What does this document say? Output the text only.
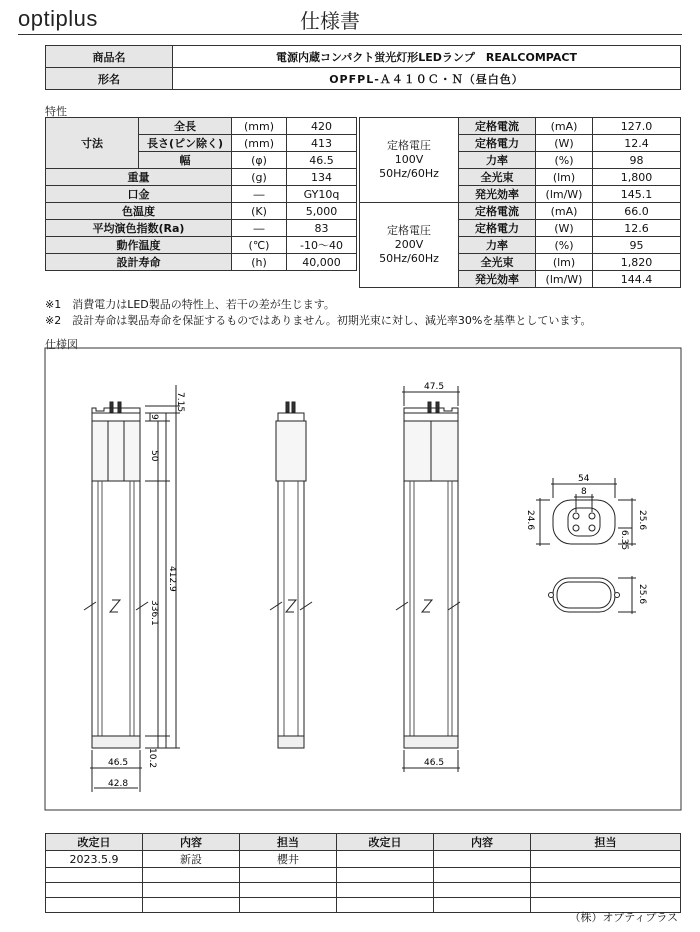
optiplus	仕様書
商品名	電源内蔵コンパクト蛍光灯形LEDランプ　REALCOMPACT
形名	OPFPL-Ａ４１０Ｃ・Ｎ（昼白色）
特性
寸法	全長	(mm)	420
	長さ(ピン除く)	(mm)	413
	幅	(φ)	46.5
重量		(g)	134
口金		―	GY10q
色温度		(K)	5,000
平均演色指数(Ra)		―	83
動作温度		(℃)	-10～40
設計寿命		(h)	40,000
定格電圧
100V
50Hz/60Hz	定格電流	(mA)	127.0
	定格電力	(W)	12.4
	力率	(%)	98
	全光束	(lm)	1,800
	発光効率	(lm/W)	145.1

定格電圧
200V
50Hz/60Hz	定格電流	(mA)	66.0
	定格電力	(W)	12.6
	力率	(%)	95
	全光束	(lm)	1,820
	発光効率	(lm/W)	144.4
※1　消費電力はLED製品の特性上、若干の差が生じます。
※2　設計寿命は製品寿命を保証するものではありません。初期光束に対し、減光率30%を基準としています。
仕様図
7.15
9
50
412.9
336.1
10.2
46.5
42.8
47.5
46.5
54
8
24.6	25.6
6.35
25.6
改定日	内容	担当	改定日	内容	担当
2023.5.9	新設	櫻井			

（株）オプティプラス
